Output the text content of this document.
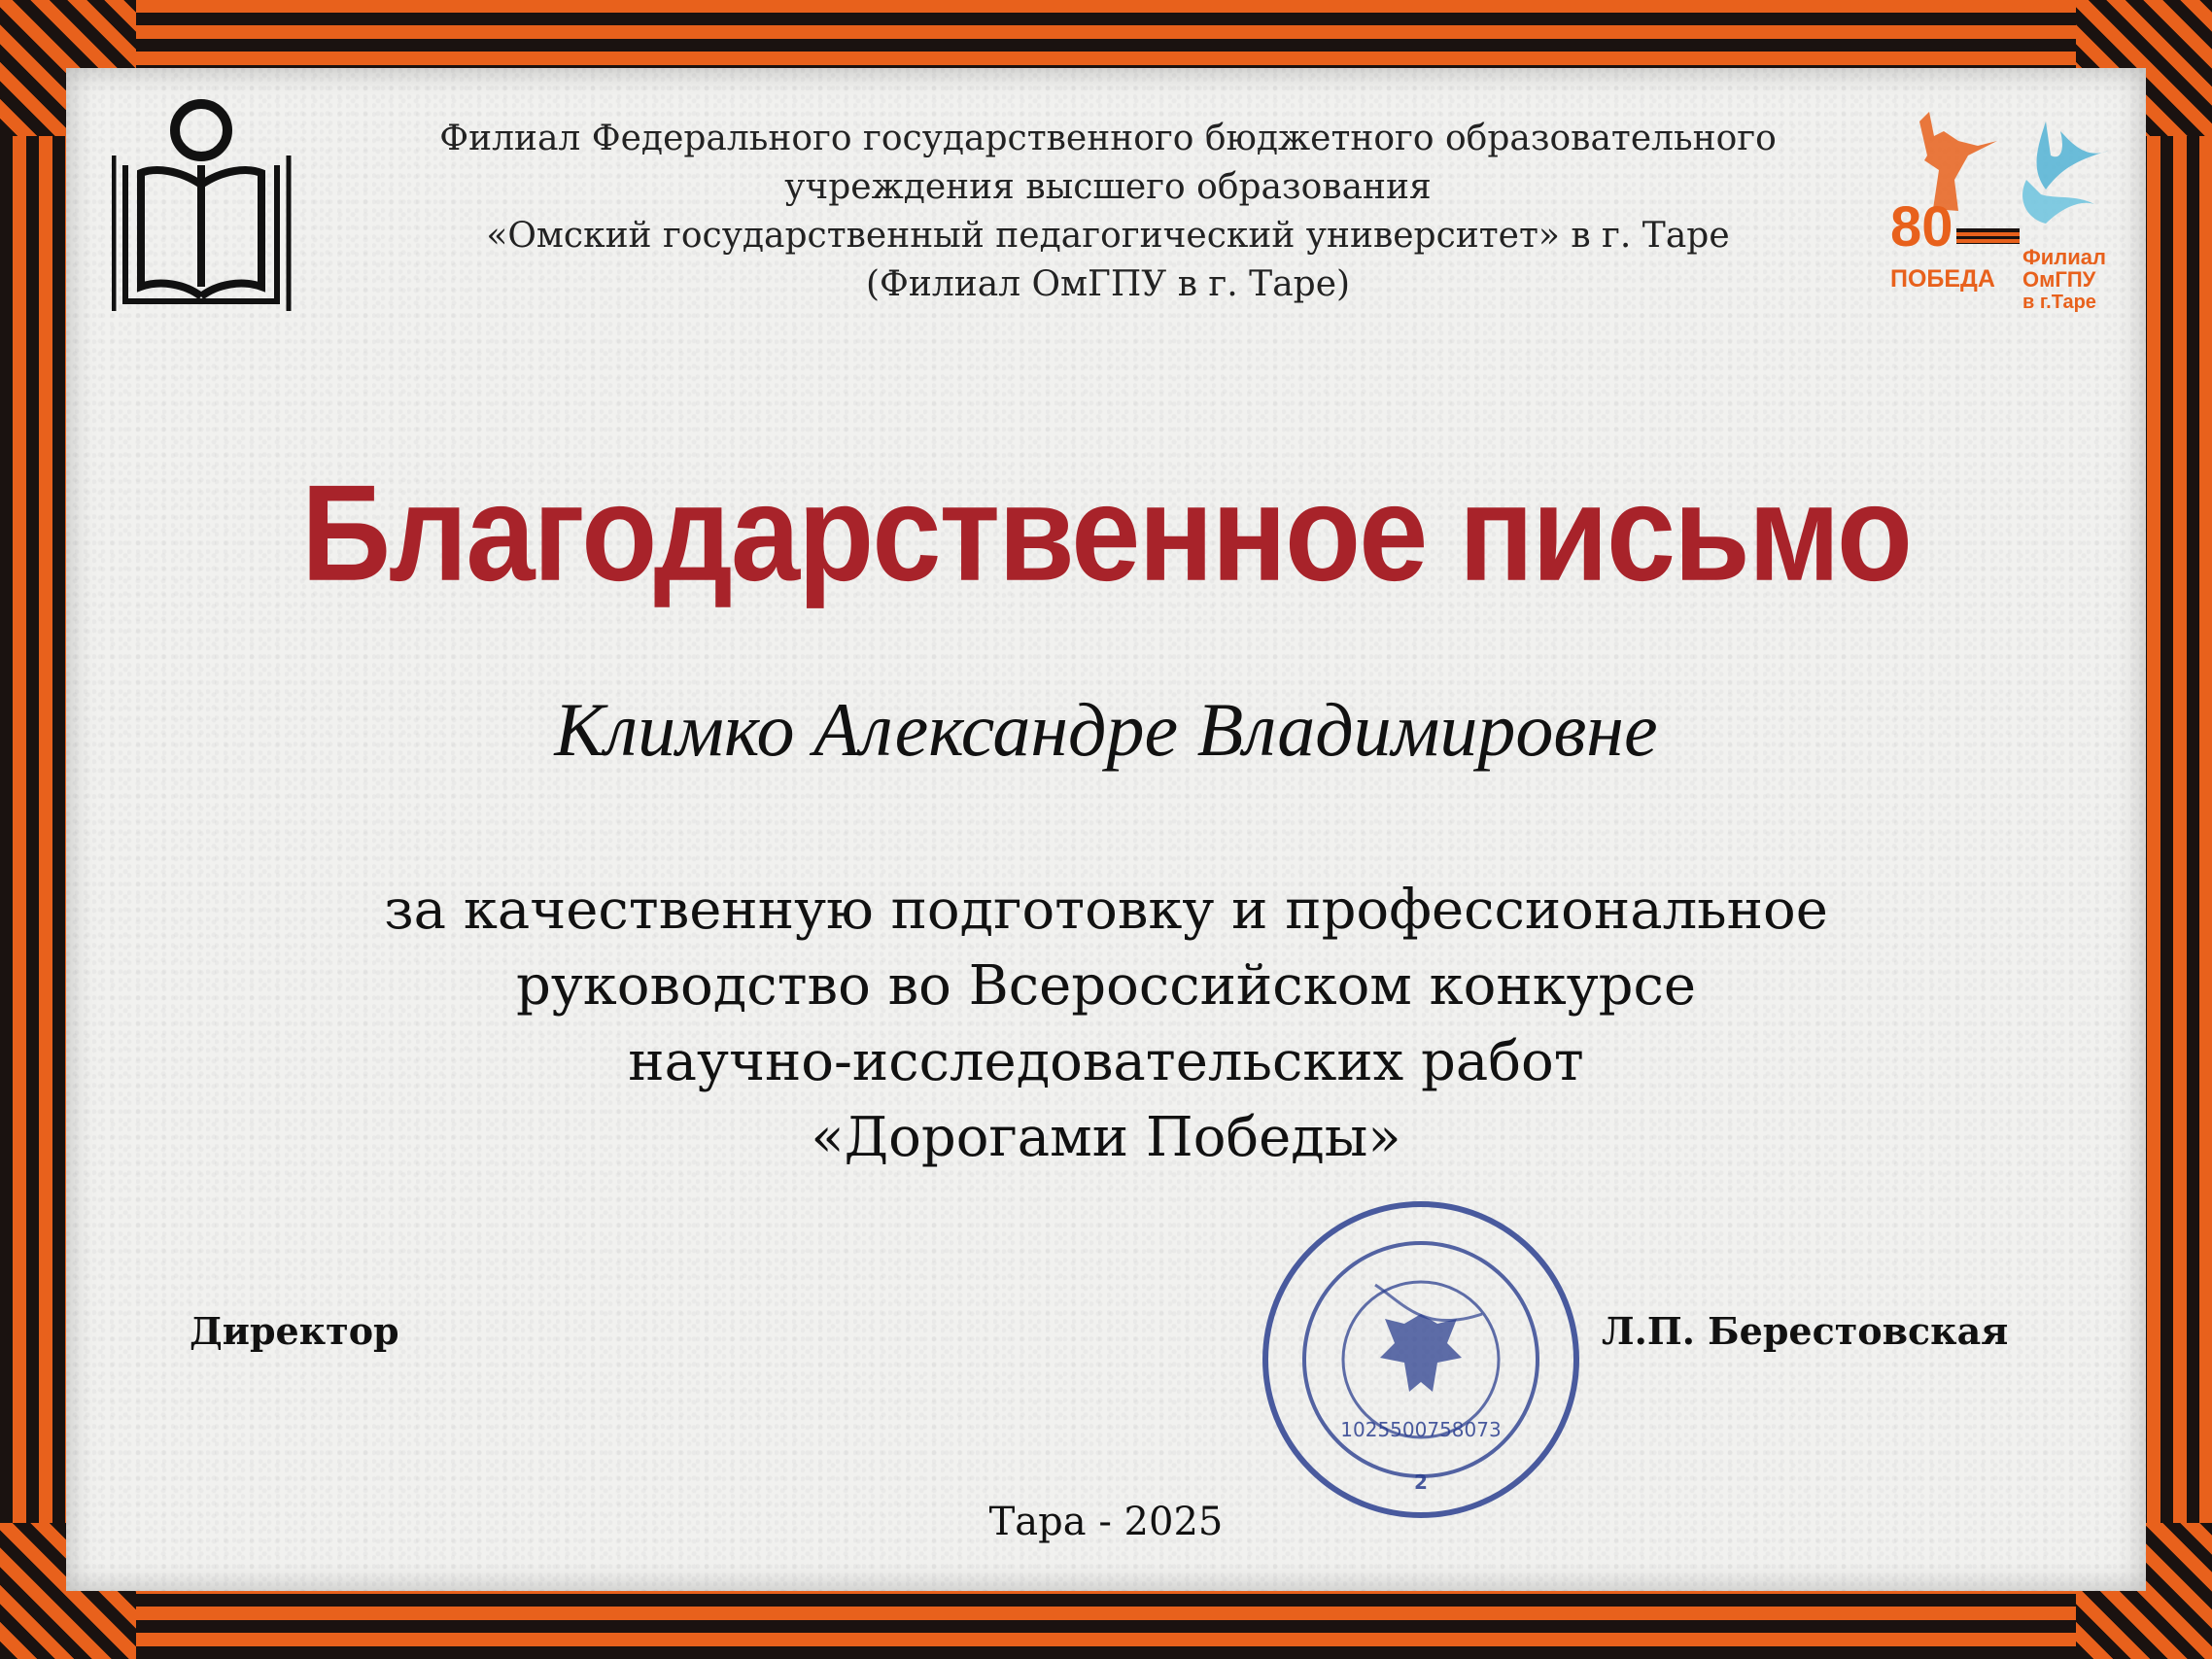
Филиал Федерального государственного бюджетного образовательного
учреждения высшего образования
«Омский государственный педагогический университет» в г. Таре
(Филиал ОмГПУ в г. Таре)
80
ПОБЕДА
Филиал
ОмГПУ
в г.Таре
Благодарственное письмо
Климко Александре Владимировне
за качественную подготовку и профессиональное
руководство во Всероссийском конкурсе
научно-исследовательских работ
«Дорогами Победы»
Директор	Л.П. Берестовская
1025500758073
2
Тара - 2025
